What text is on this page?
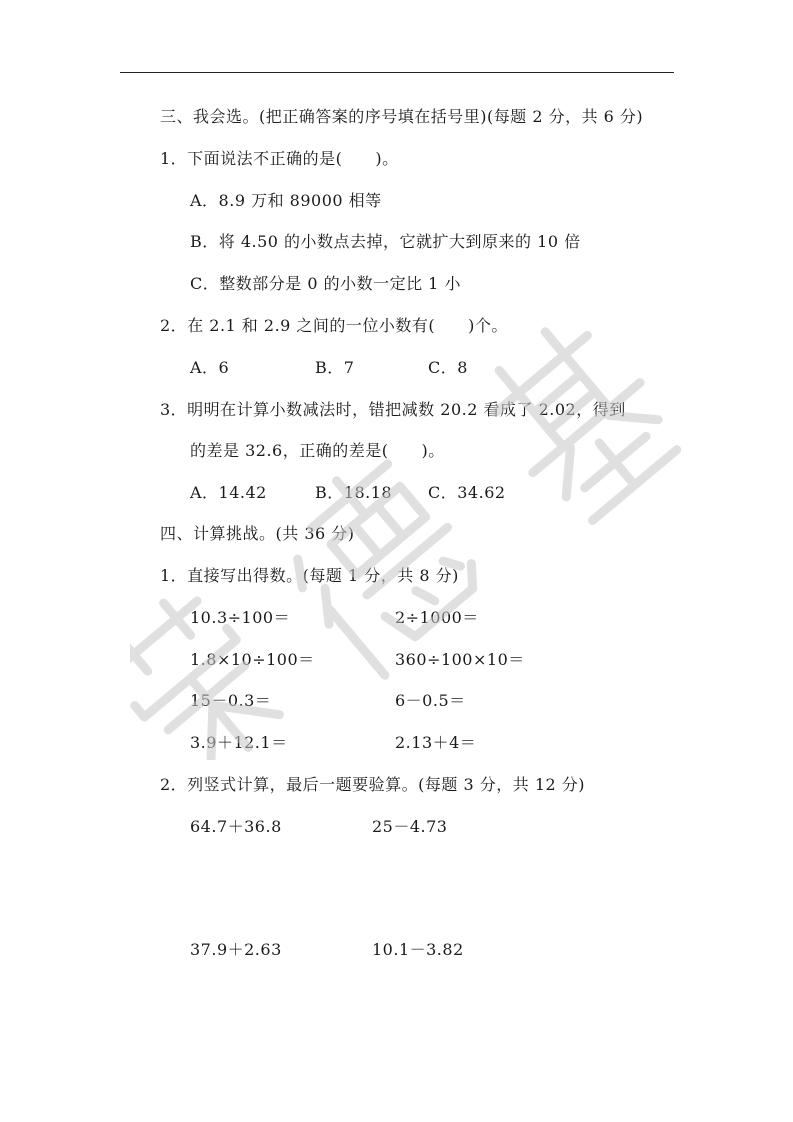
三、我会选。(把正确答案的序号填在括号里)(每题 2 分，共 6 分)
1．下面说法不正确的是(　　)。
A．8.9 万和 89000 相等
B．将 4.50 的小数点去掉，它就扩大到原来的 10 倍
C．整数部分是 0 的小数一定比 1 小
2．在 2.1 和 2.9 之间的一位小数有(　　)个。
A．6	B．7	C．8
3．明明在计算小数减法时，错把减数 20.2 看成了 2.02，得到
的差是 32.6，正确的差是(　　)。
A．14.42	B．18.18 C．34.62
四、计算挑战。(共 36 分)
1．直接写出得数。(每题 1 分，共 8 分)
10.3÷100＝	2÷1000＝
1.8×10÷100＝	360÷100×10＝
15－0.3＝	6－0.5＝
3.9＋12.1＝	2.13＋4＝
2．列竖式计算，最后一题要验算。(每题 3 分，共 12 分)
64.7＋36.8	25－4.73
37.9＋2.63	10.1－3.82
